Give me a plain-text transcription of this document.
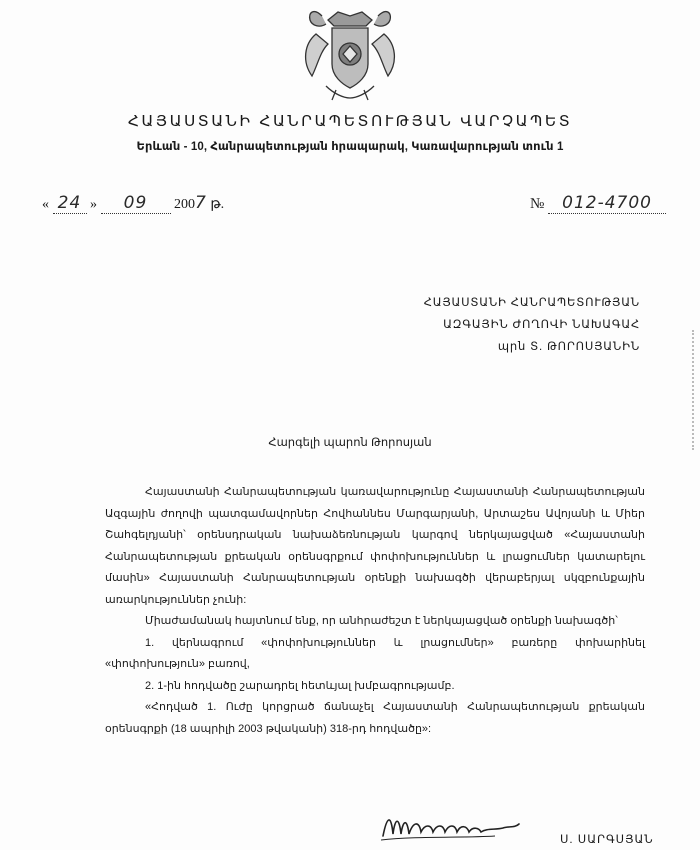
ՀԱՅԱՍՏԱՆԻ ՀԱՆՐԱՊԵՏՈՒԹՅԱՆ ՎԱՐՉԱՊԵՏ
Երևան - 10, Հանրապետության հրապարակ, Կառավարության տուն 1
« 24 » 09 2007 թ.	№ 012-4700
ՀԱՅԱՍՏԱՆԻ ՀԱՆՐԱՊԵՏՈՒԹՅԱՆ
ԱԶԳԱՅԻՆ ԺՈՂՈՎԻ ՆԱԽԱԳԱՀ
պրն Տ. ԹՈՐՈՍՅԱՆԻՆ
Հարգելի պարոն Թորոսյան

Հայաստանի Հանրապետության կառավարությունը Հայաստանի Հանրապետության Ազգային ժողովի պատգամավորներ Հովհաննես Մարգարյանի, Արտաշես Ավոյանի և Միեր Շահգելդյանի՝ օրենսդրական նախաձեռնության կարգով ներկայացված «Հայաստանի Հանրապետության քրեական օրենսգրքում փոփոխություններ և լրացումներ կատարելու մասին» Հայաստանի Հանրապետության օրենքի նախագծի վերաբերյալ սկզբունքային առարկություններ չունի:

Միաժամանակ հայտնում ենք, որ անհրաժեշտ է ներկայացված օրենքի նախագծի՝

1. վերնագրում «փոփոխություններ և լրացումներ» բառերը փոխարինել «փոփոխություն» բառով,

2. 1-ին հոդվածը շարադրել հետևյալ խմբագրությամբ.

«Հոդված 1. Ուժը կորցրած ճանաչել Հայաստանի Հանրապետության քրեական օրենսգրքի (18 ապրիլի 2003 թվականի) 318-րդ հոդվածը»:

Ս. ՍԱՐԳՍՅԱՆ
